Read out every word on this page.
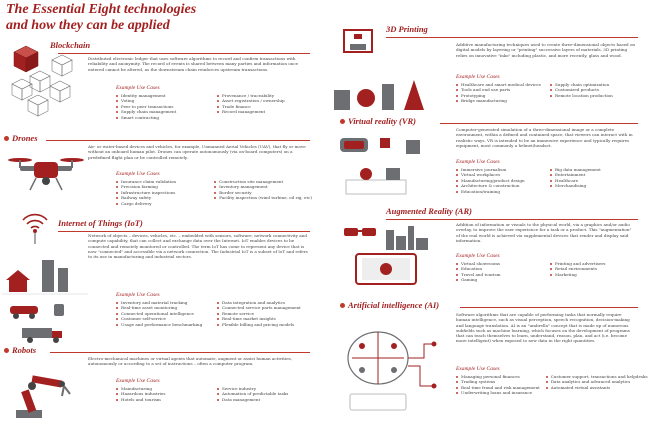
The Essential Eight technologies
and how they can be applied
Blockchain
Distributed electronic ledger that uses software algorithms to record and confirm transactions with reliability and anonymity. The record of events is shared between many parties and information once entered cannot be altered, as the downstream chain reinforces upstream transactions.
Example Use Cases
Identity management	Provenance / traceability
Voting	Asset registration / ownership
Peer to peer transactions	Trade finance
Supply chain management	Record management
Smart contracting
Drones
Air- or water-based devices and vehicles, for example, Unmanned Aerial Vehicles (UAV), that fly or move without an onboard human pilot. Drones can operate autonomously (via on-board computers) on a predefined flight plan or be controlled remotely.
Example Use Cases
Insurance claim validation	Construction site management
Precision farming	Inventory management
Infrastructure inspections	Border security
Railway safety	Facility inspection (wind turbine, oil rig, etc)
Cargo delivery
Internet of Things (IoT)
Network of objects – devices, vehicles, etc. – embedded with sensors, software, network connectivity and compute capability, that can collect and exchange data over the Internet. IoT enables devices to be connected and remotely monitored or controlled. The term IoT has come to represent any device that is now "connected" and accessible via a network connection. The Industrial IoT is a subset of IoT and refers to its use in manufacturing and industrial sectors.
Example Use Cases
Inventory and material tracking	Data integration and analytics
Real-time asset monitoring	Connected service parts management
Connected operational intelligence	Remote service
Customer self-service	Real-time market insights
Usage and performance benchmarking	Flexible billing and pricing models
Robots
Electro-mechanical machines or virtual agents that automate, augment or assist human activities, autonomously or according to a set of instructions – often a computer program.
Example Use Cases
Manufacturing	Service industry
Hazardous industries	Automation of predictable tasks
Hotels and tourism	Data management
3D Printing
Additive manufacturing techniques used to create three-dimensional objects based on digital models by layering or "printing" successive layers of materials. 3D printing relies on innovative "inks" including plastic, and more recently, glass and wood.
Example Use Cases
Healthcare and smart medical devices	Supply chain optimization
Tools and end use parts	Customized products
Prototyping	Remote location production
Bridge manufacturing
Virtual reality (VR)
Computer-generated simulation of a three-dimensional image or a complete environment, within a defined and contained space, that viewers can interact with in realistic ways. VR is intended to be an immersive experience and typically requires equipment, most commonly a helmet/headset.
Example Use Cases
Immersive journalism	Big data management
Virtual workplaces	Entertainment
Manufacturing/product design	Healthcare
Architecture & construction	Merchandising
Education/training
Augmented Reality (AR)
Addition of information or visuals to the physical world, via a graphics and/or audio overlay, to improve the user experience for a task or a product. This "augmentation" of the real world is achieved via supplemental devices that render and display said information.
Example Use Cases
Virtual showrooms	Printing and advertisers
Education	Retail environments
Travel and tourism	Marketing
Gaming
Artificial intelligence (AI)
Software algorithms that are capable of performing tasks that normally require human intelligence, such as visual perception, speech recognition, decision-making and language translation. AI is an "umbrella" concept that is made up of numerous subfields such as machine learning, which focuses on the development of programs that can teach themselves to learn, understand, reason, plan, and act (i.e. become more intelligent) when exposed to new data in the right quantities.
Example Use Cases
Managing personal finances	Customer support, transactions and helpdesks
Trading systems	Data analytics and advanced analytics
Real time fraud and risk management	Automated virtual assistants
Underwriting loans and insurance
